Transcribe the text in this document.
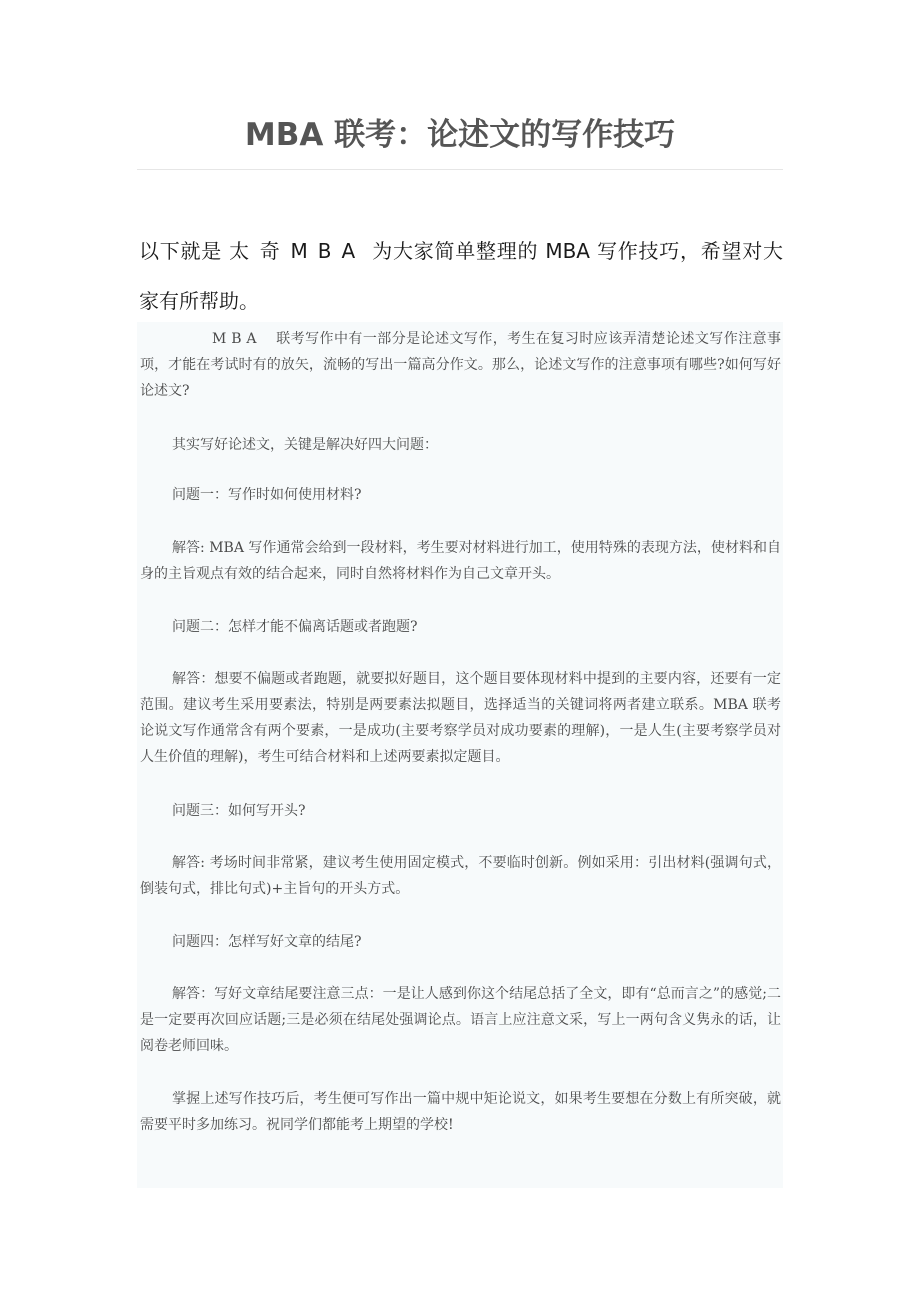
MBA 联考：论述文的写作技巧

以下就是 太奇MBA 为大家简单整理的 MBA 写作技巧，希望对大家有所帮助。

M B A　 联考写作中有一部分是论述文写作，考生在复习时应该弄清楚论述文写作注意事项，才能在考试时有的放矢，流畅的写出一篇高分作文。那么，论述文写作的注意事项有哪些?如何写好论述文?

其实写好论述文，关键是解决好四大问题：

问题一：写作时如何使用材料?

解答: MBA 写作通常会给到一段材料，考生要对材料进行加工，使用特殊的表现方法，使材料和自身的主旨观点有效的结合起来，同时自然将材料作为自己文章开头。

问题二：怎样才能不偏离话题或者跑题?

解答：想要不偏题或者跑题，就要拟好题目，这个题目要体现材料中提到的主要内容，还要有一定范围。建议考生采用要素法，特别是两要素法拟题目，选择适当的关键词将两者建立联系。MBA 联考论说文写作通常含有两个要素，一是成功(主要考察学员对成功要素的理解)，一是人生(主要考察学员对人生价值的理解)，考生可结合材料和上述两要素拟定题目。

问题三：如何写开头?

解答: 考场时间非常紧，建议考生使用固定模式，不要临时创新。例如采用：引出材料(强调句式，倒装句式，排比句式)+主旨句的开头方式。

问题四：怎样写好文章的结尾?

解答：写好文章结尾要注意三点：一是让人感到你这个结尾总括了全文，即有“总而言之”的感觉;二是一定要再次回应话题;三是必须在结尾处强调论点。语言上应注意文采，写上一两句含义隽永的话，让阅卷老师回味。

掌握上述写作技巧后，考生便可写作出一篇中规中矩论说文，如果考生要想在分数上有所突破，就需要平时多加练习。祝同学们都能考上期望的学校!
